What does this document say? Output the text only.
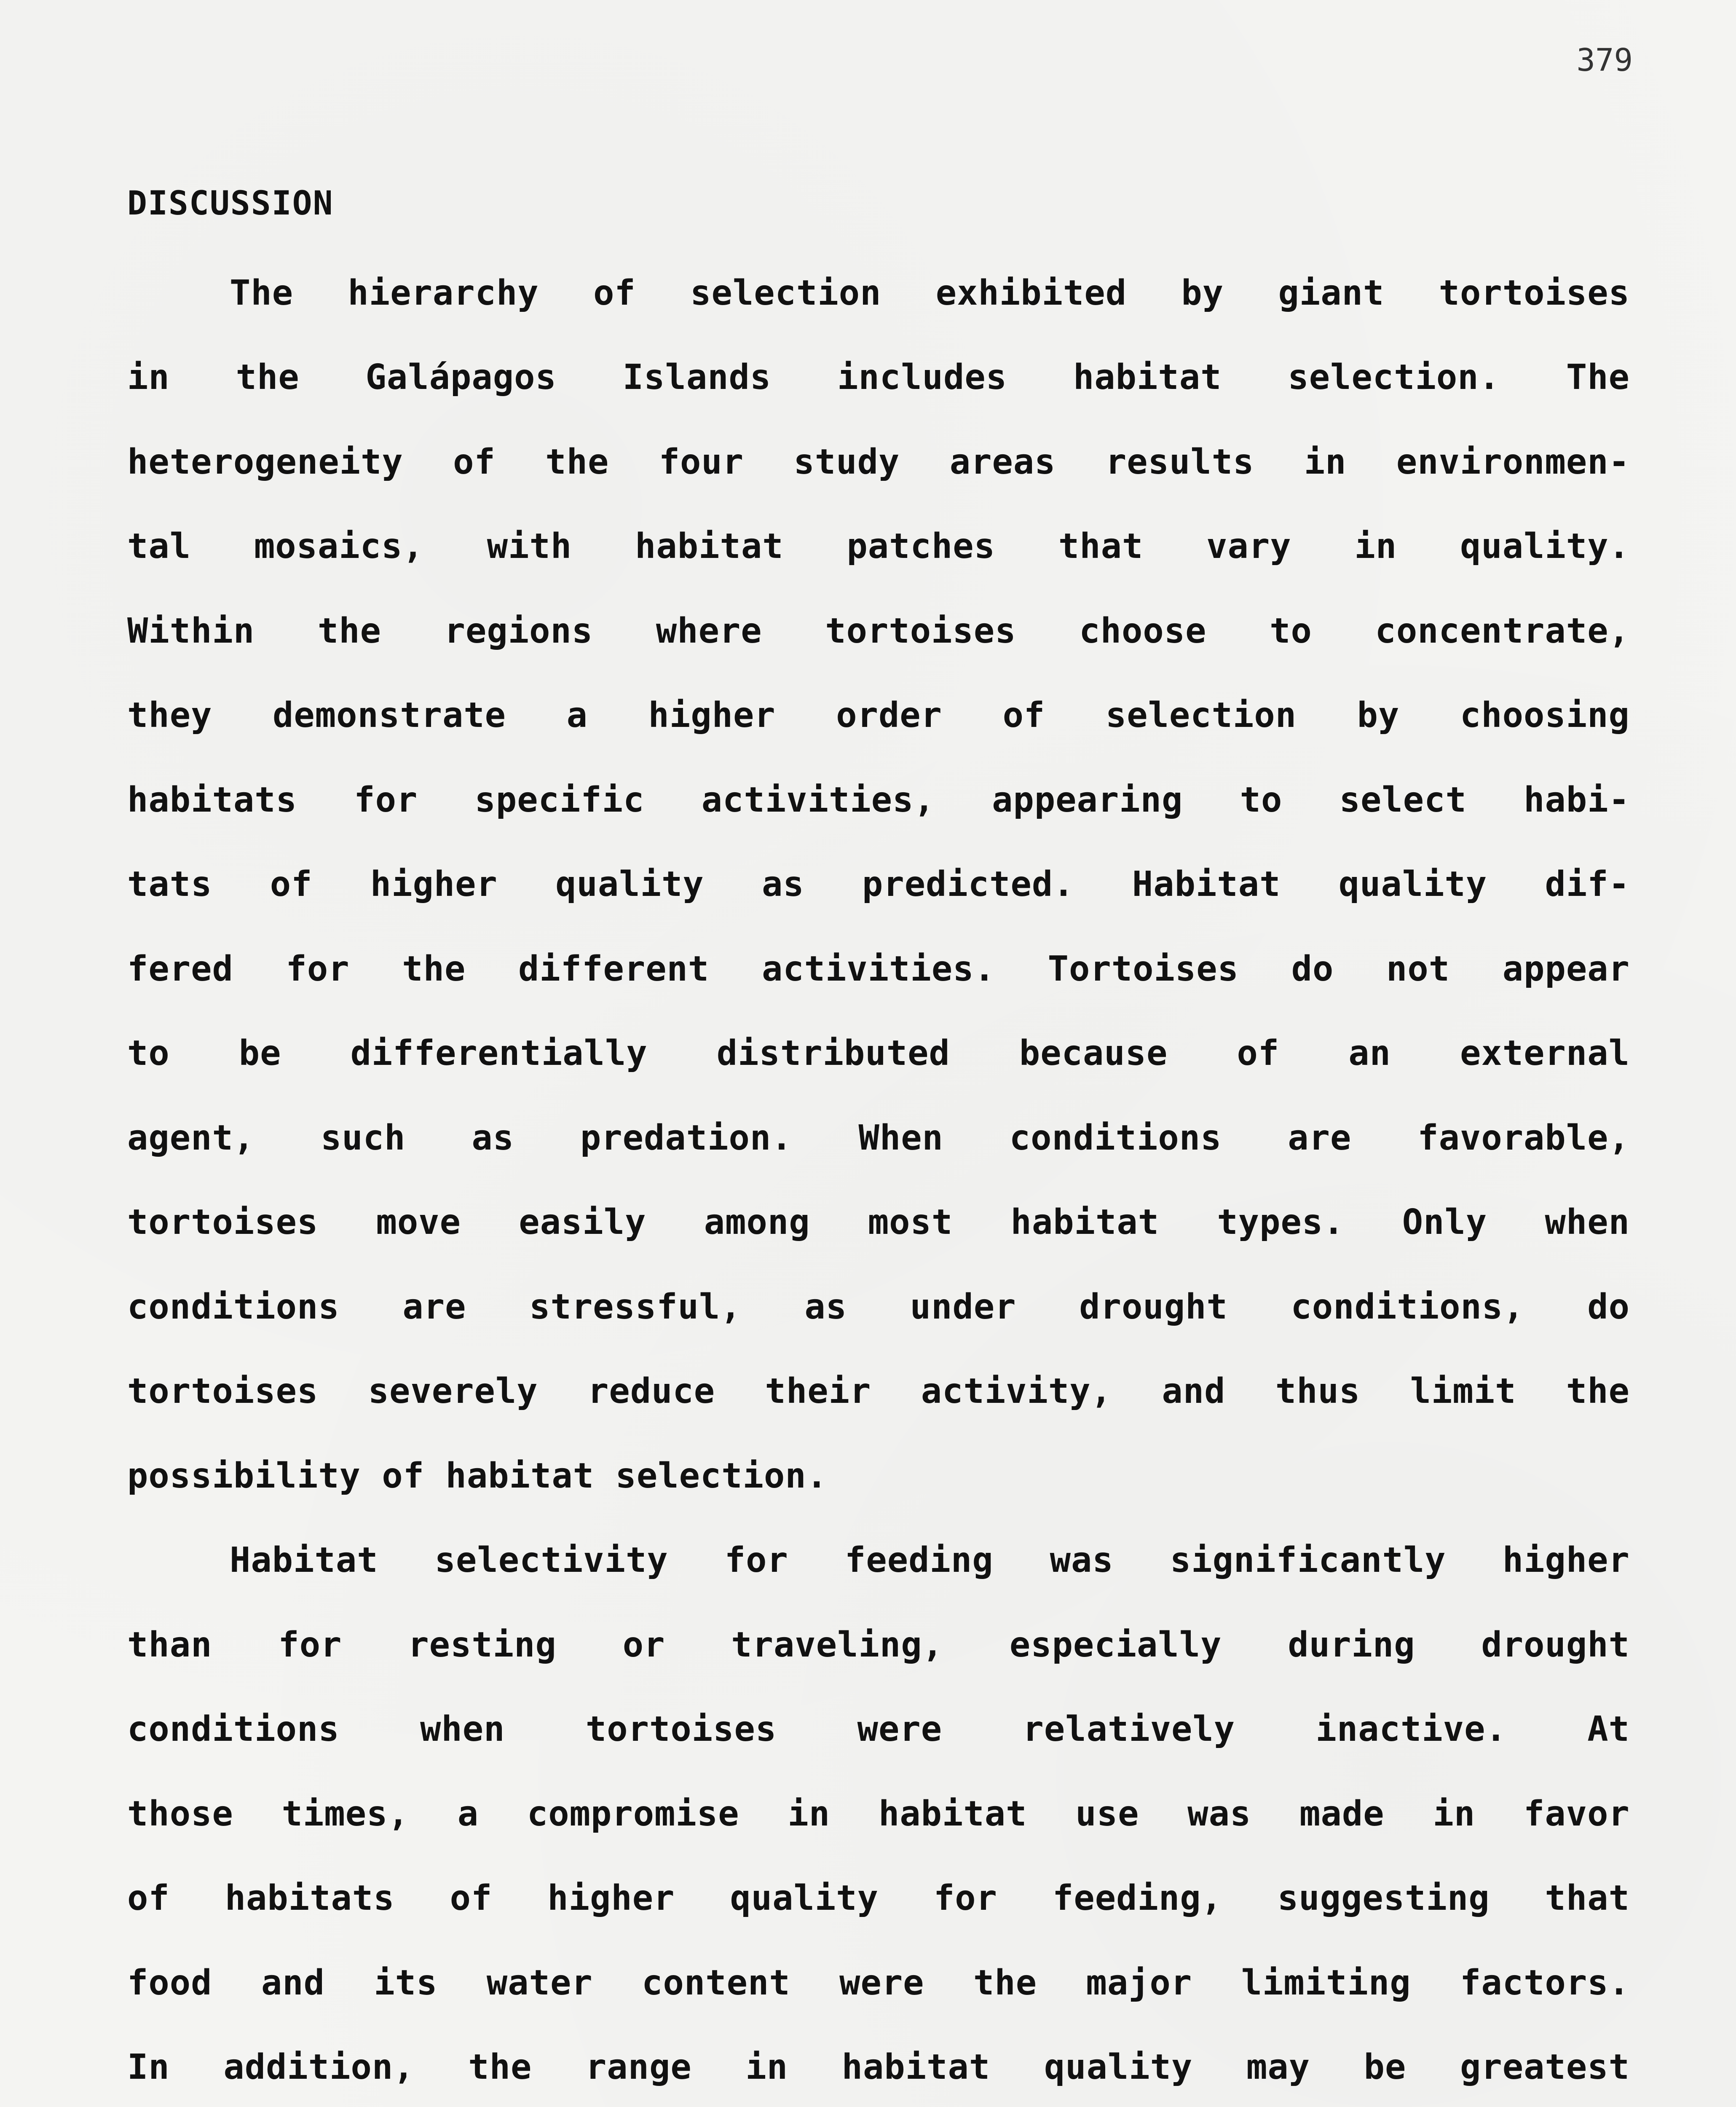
379
DISCUSSION
The hierarchy of selection exhibited by giant tortoises
in the Galápagos Islands includes habitat selection. The
heterogeneity of the four study areas results in environmen-
tal mosaics, with habitat patches that vary in quality.
Within the regions where tortoises choose to concentrate,
they demonstrate a higher order of selection by choosing
habitats for specific activities, appearing to select habi-
tats of higher quality as predicted. Habitat quality dif-
fered for the different activities. Tortoises do not appear
to be differentially distributed because of an external
agent, such as predation. When conditions are favorable,
tortoises move easily among most habitat types. Only when
conditions are stressful, as under drought conditions, do
tortoises severely reduce their activity, and thus limit the
possibility of habitat selection.
Habitat selectivity for feeding was significantly higher
than for resting or traveling, especially during drought
conditions when tortoises were relatively inactive. At
those times, a compromise in habitat use was made in favor
of habitats of higher quality for feeding, suggesting that
food and its water content were the major limiting factors.
In addition, the range in habitat quality may be greatest
